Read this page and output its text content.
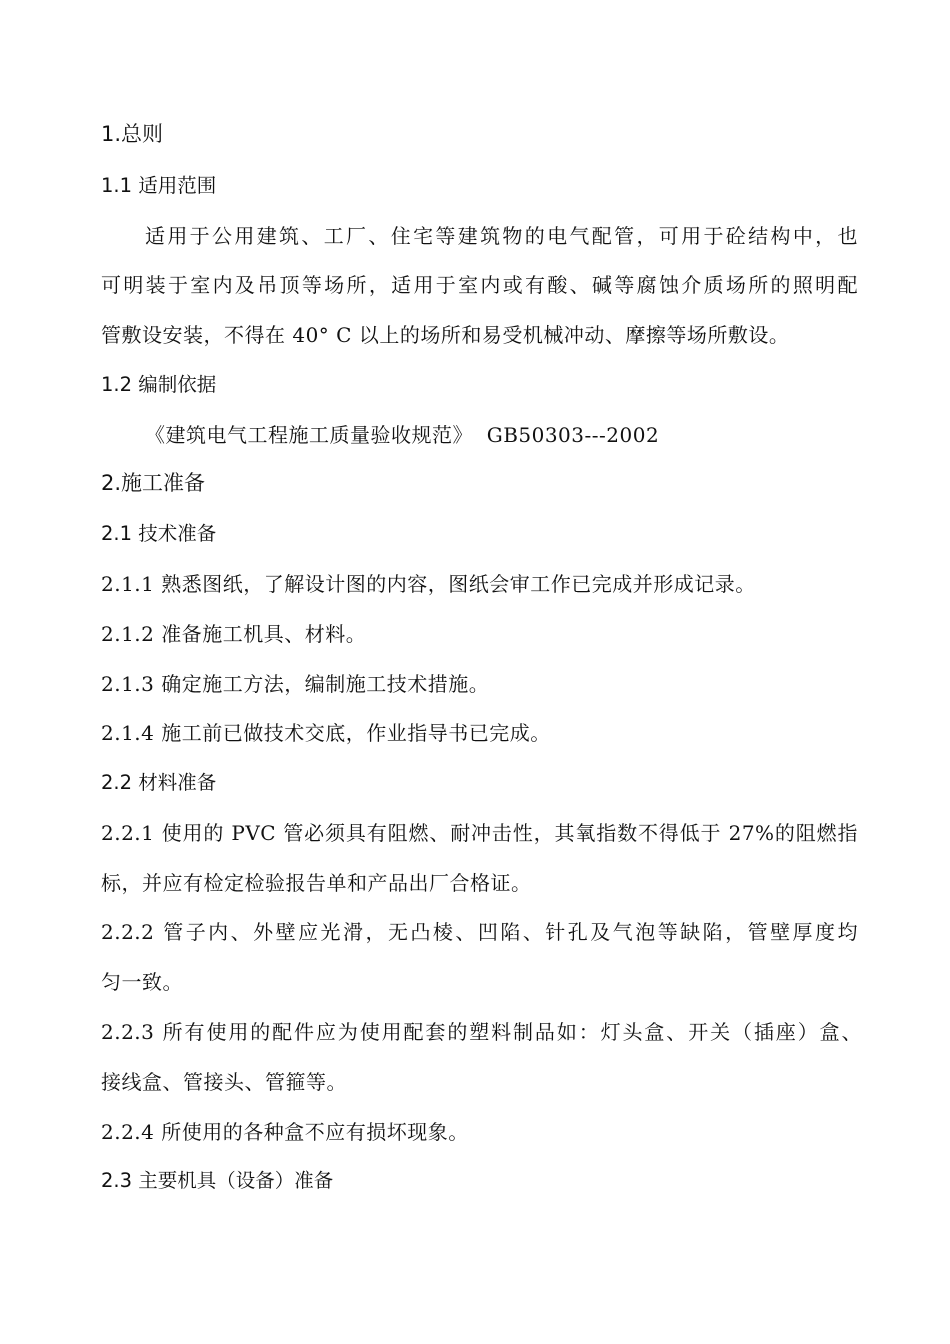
1.总则
1.1 适用范围
适用于公用建筑、工厂、住宅等建筑物的电气配管，可用于砼结构中，也
可明装于室内及吊顶等场所，适用于室内或有酸、碱等腐蚀介质场所的照明配
管敷设安装，不得在 40° C 以上的场所和易受机械冲动、摩擦等场所敷设。
1.2 编制依据
《建筑电气工程施工质量验收规范》  GB50303---2002
2.施工准备
2.1 技术准备
2.1.1 熟悉图纸，了解设计图的内容，图纸会审工作已完成并形成记录。
2.1.2 准备施工机具、材料。
2.1.3 确定施工方法，编制施工技术措施。
2.1.4 施工前已做技术交底，作业指导书已完成。
2.2 材料准备
2.2.1 使用的 PVC 管必须具有阻燃、耐冲击性，其氧指数不得低于 27%的阻燃指
标，并应有检定检验报告单和产品出厂合格证。
2.2.2 管子内、外壁应光滑，无凸棱、凹陷、针孔及气泡等缺陷，管壁厚度均
匀一致。
2.2.3 所有使用的配件应为使用配套的塑料制品如：灯头盒、开关（插座）盒、
接线盒、管接头、管箍等。
2.2.4 所使用的各种盒不应有损坏现象。
2.3 主要机具（设备）准备
